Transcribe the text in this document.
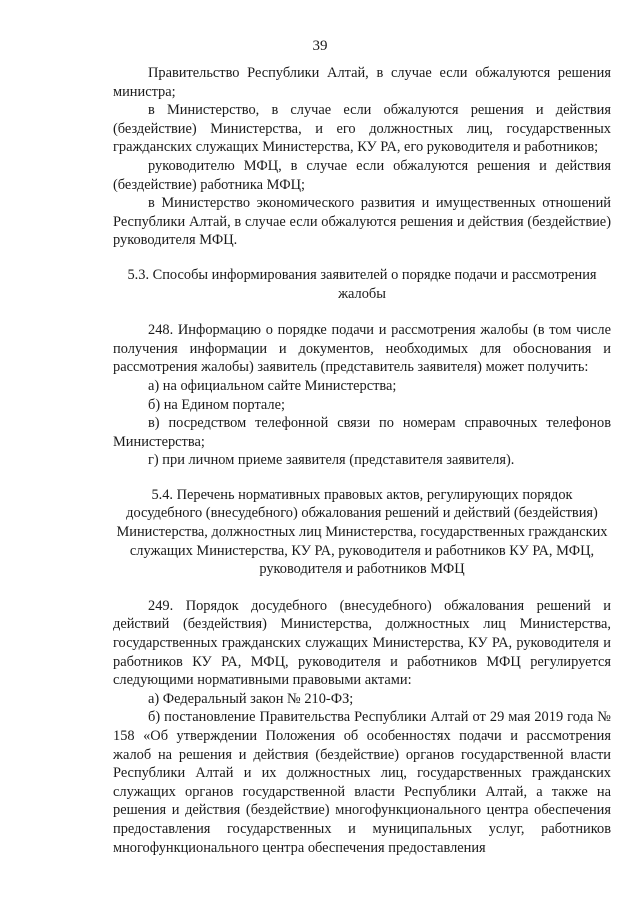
39

Правительство Республики Алтай, в случае если обжалуются решения министра;

в Министерство, в случае если обжалуются решения и действия (бездействие) Министерства, и его должностных лиц, государственных гражданских служащих Министерства, КУ РА, его руководителя и работников;

руководителю МФЦ, в случае если обжалуются решения и действия (бездействие) работника МФЦ;

в Министерство экономического развития и имущественных отношений Республики Алтай, в случае если обжалуются решения и действия (бездействие) руководителя МФЦ.

5.3. Способы информирования заявителей о порядке подачи и рассмотрения жалобы

248. Информацию о порядке подачи и рассмотрения жалобы (в том числе получения информации и документов, необходимых для обоснования и рассмотрения жалобы) заявитель (представитель заявителя) может получить:

а) на официальном сайте Министерства;

б) на Едином портале;

в) посредством телефонной связи по номерам справочных телефонов Министерства;

г) при личном приеме заявителя (представителя заявителя).

5.4. Перечень нормативных правовых актов, регулирующих порядок досудебного (внесудебного) обжалования решений и действий (бездействия) Министерства, должностных лиц Министерства, государственных гражданских служащих Министерства, КУ РА, руководителя и работников КУ РА, МФЦ, руководителя и работников МФЦ

249. Порядок досудебного (внесудебного) обжалования решений и действий (бездействия) Министерства, должностных лиц Министерства, государственных гражданских служащих Министерства, КУ РА, руководителя и работников КУ РА, МФЦ, руководителя и работников МФЦ регулируется следующими нормативными правовыми актами:

а) Федеральный закон № 210-ФЗ;

б) постановление Правительства Республики Алтай от 29 мая 2019 года № 158 «Об утверждении Положения об особенностях подачи и рассмотрения жалоб на решения и действия (бездействие) органов государственной власти Республики Алтай и их должностных лиц, государственных гражданских служащих органов государственной власти Республики Алтай, а также на решения и действия (бездействие) многофункционального центра обеспечения предоставления государственных и муниципальных услуг, работников многофункционального центра обеспечения предоставления
